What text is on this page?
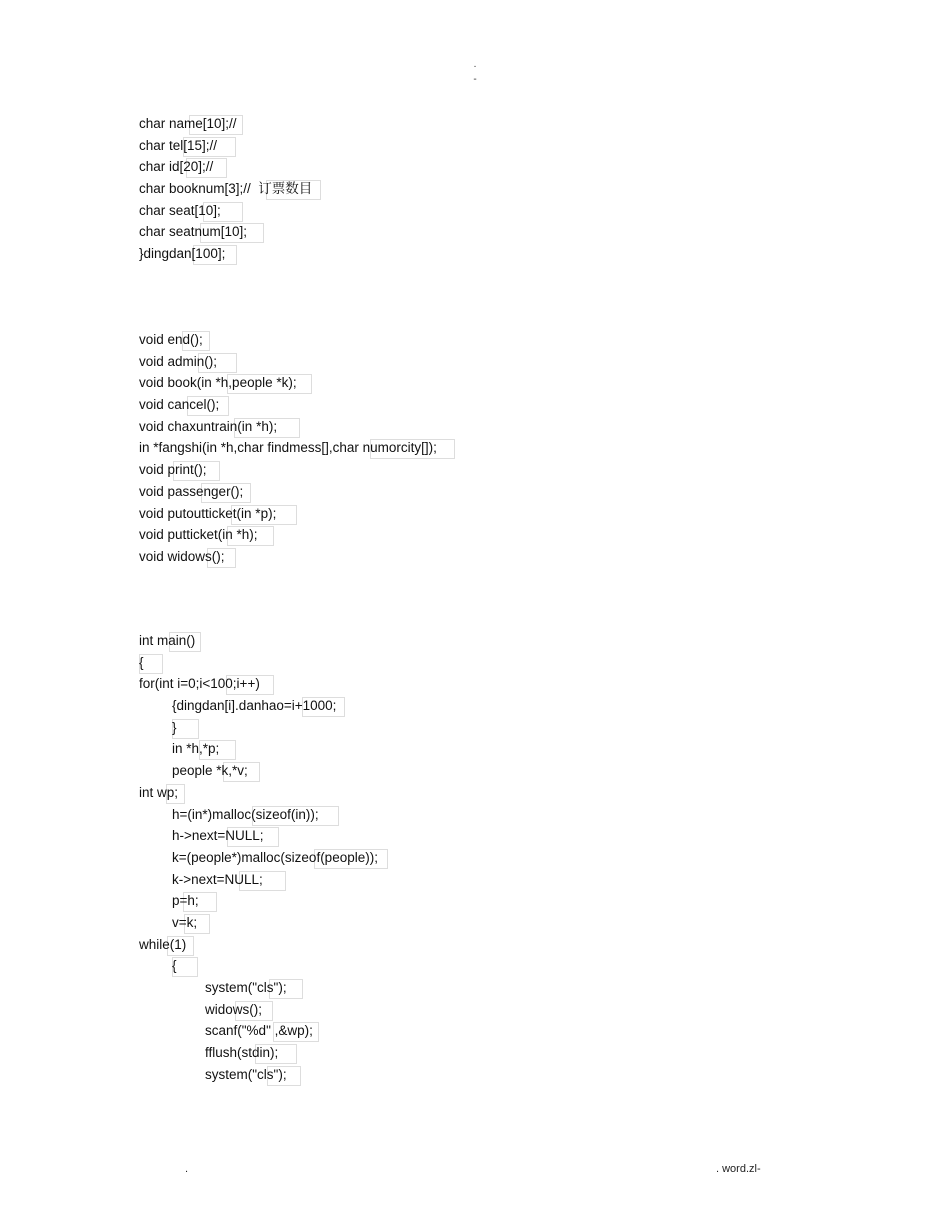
.
-
char name[10];//
char tel[15];//
char id[20];//
char booknum[3];//  订票数目
char seat[10];
char seatnum[10];
}dingdan[100];
void end();
void admin();
void book(in *h,people *k);
void cancel();
void chaxuntrain(in *h);
in *fangshi(in *h,char findmess[],char numorcity[]);
void print();
void passenger();
void putoutticket(in *p);
void putticket(in *h);
void widows();
int main()
{
for(int i=0;i<100;i++)
{dingdan[i].danhao=i+1000;
}
in *h,*p;
people *k,*v;
int wp;
h=(in*)malloc(sizeof(in));
h->next=NULL;
k=(people*)malloc(sizeof(people));
k->next=NULL;
p=h;
v=k;
while(1)
{
system("cls");
widows();
scanf("%d" ,&wp);
fflush(stdin);
system("cls");
.	. word.zl-
